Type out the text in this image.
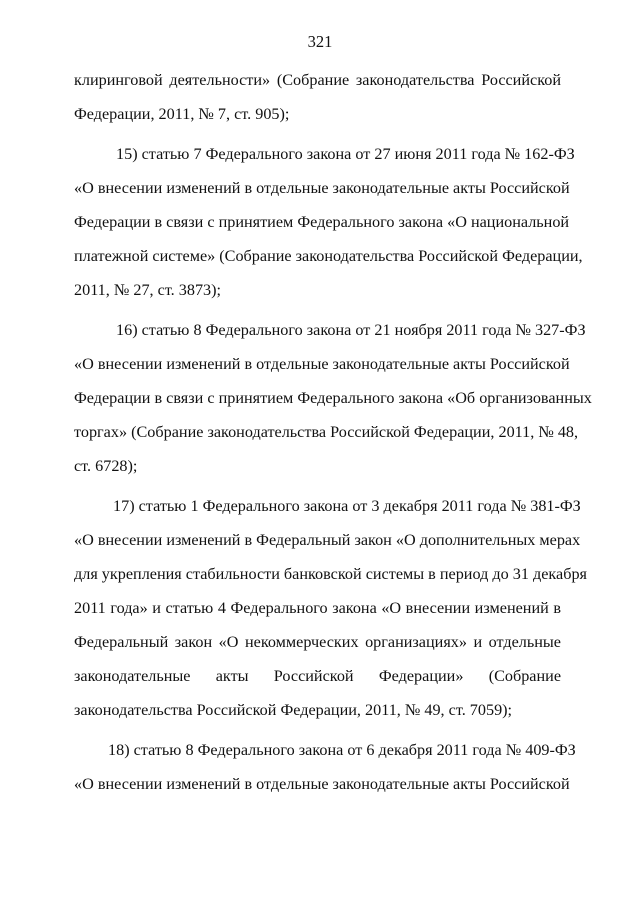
321
клиринговой деятельности» (Собрание законодательства Российской
Федерации, 2011, № 7, ст. 905);
15) статью 7 Федерального закона от 27 июня 2011 года № 162-ФЗ
«О внесении изменений в отдельные законодательные акты Российской
Федерации в связи с принятием Федерального закона «О национальной
платежной системе» (Собрание законодательства Российской Федерации,
2011, № 27, ст. 3873);
16) статью 8 Федерального закона от 21 ноября 2011 года № 327-ФЗ
«О внесении изменений в отдельные законодательные акты Российской
Федерации в связи с принятием Федерального закона «Об организованных
торгах» (Собрание законодательства Российской Федерации, 2011, № 48,
ст. 6728);
17) статью 1 Федерального закона от 3 декабря 2011 года № 381-ФЗ
«О внесении изменений в Федеральный закон «О дополнительных мерах
для укрепления стабильности банковской системы в период до 31 декабря
2011 года» и статью 4 Федерального закона «О внесении изменений в
Федеральный закон «О некоммерческих организациях» и отдельные
законодательные акты Российской Федерации» (Собрание
законодательства Российской Федерации, 2011, № 49, ст. 7059);
18) статью 8 Федерального закона от 6 декабря 2011 года № 409-ФЗ
«О внесении изменений в отдельные законодательные акты Российской
